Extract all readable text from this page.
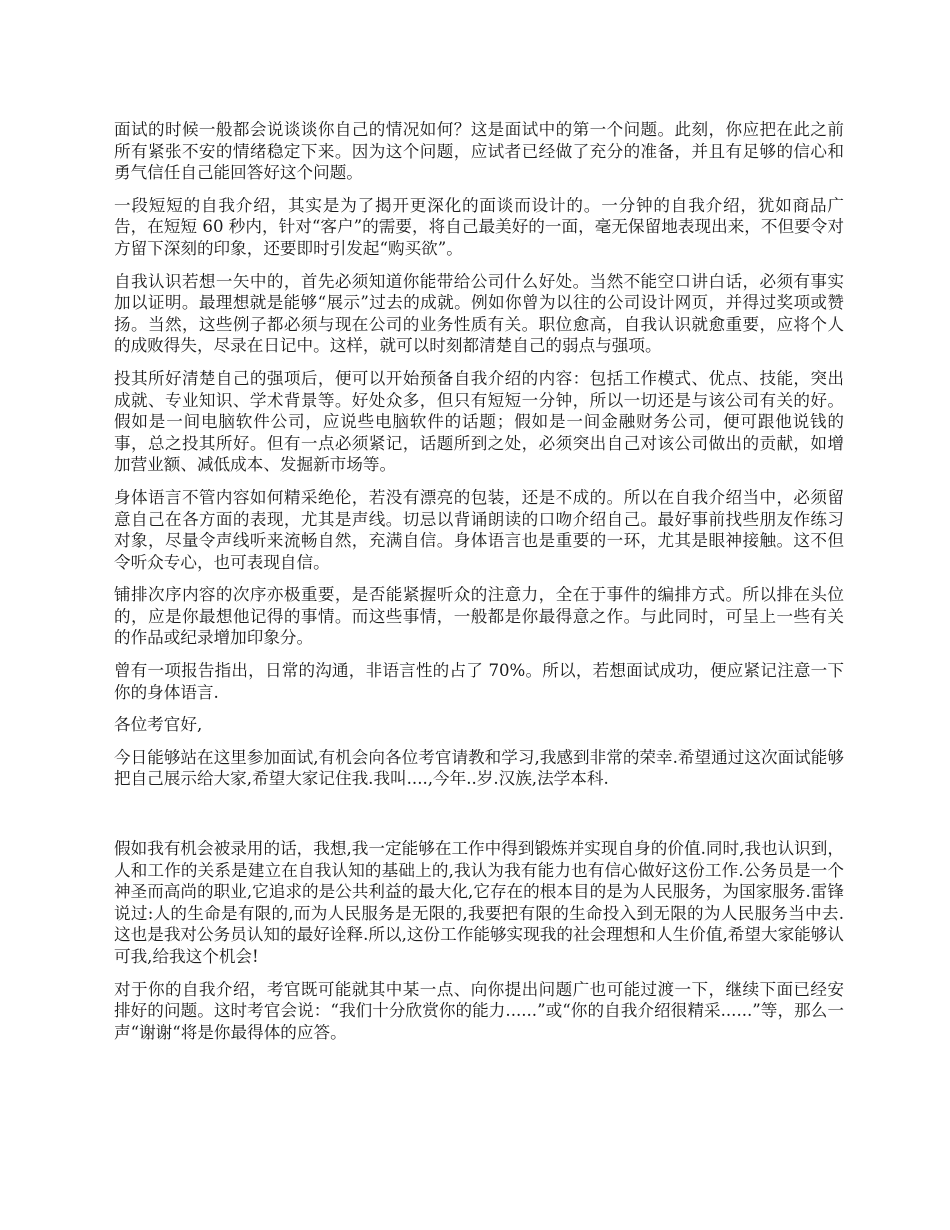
面试的时候一般都会说谈谈你自己的情况如何？这是面试中的第一个问题。此刻，你应把在此之前所有紧张不安的情绪稳定下来。因为这个问题，应试者已经做了充分的准备，并且有足够的信心和勇气信任自己能回答好这个问题。

一段短短的自我介绍，其实是为了揭开更深化的面谈而设计的。一分钟的自我介绍，犹如商品广告，在短短 60 秒内，针对“客户”的需要，将自己最美好的一面，毫无保留地表现出来，不但要令对方留下深刻的印象，还要即时引发起“购买欲”。

自我认识若想一矢中的，首先必须知道你能带给公司什么好处。当然不能空口讲白话，必须有事实加以证明。最理想就是能够“展示”过去的成就。例如你曾为以往的公司设计网页，并得过奖项或赞扬。当然，这些例子都必须与现在公司的业务性质有关。职位愈高，自我认识就愈重要，应将个人的成败得失，尽录在日记中。这样，就可以时刻都清楚自己的弱点与强项。

投其所好清楚自己的强项后，便可以开始预备自我介绍的内容：包括工作模式、优点、技能，突出成就、专业知识、学术背景等。好处众多，但只有短短一分钟，所以一切还是与该公司有关的好。假如是一间电脑软件公司，应说些电脑软件的话题；假如是一间金融财务公司，便可跟他说钱的事，总之投其所好。但有一点必须紧记，话题所到之处，必须突出自己对该公司做出的贡献，如增加营业额、减低成本、发掘新市场等。

身体语言不管内容如何精采绝伦，若没有漂亮的包装，还是不成的。所以在自我介绍当中，必须留意自己在各方面的表现，尤其是声线。切忌以背诵朗读的口吻介绍自己。最好事前找些朋友作练习对象，尽量令声线听来流畅自然，充满自信。身体语言也是重要的一环，尤其是眼神接触。这不但令听众专心，也可表现自信。

铺排次序内容的次序亦极重要，是否能紧握听众的注意力，全在于事件的编排方式。所以排在头位的，应是你最想他记得的事情。而这些事情，一般都是你最得意之作。与此同时，可呈上一些有关的作品或纪录增加印象分。

曾有一项报告指出，日常的沟通，非语言性的占了 70%。所以，若想面试成功，便应紧记注意一下你的身体语言.

各位考官好,

今日能够站在这里参加面试,有机会向各位考官请教和学习,我感到非常的荣幸.希望通过这次面试能够把自己展示给大家,希望大家记住我.我叫....,今年..岁.汉族,法学本科.

假如我有机会被录用的话，我想,我一定能够在工作中得到锻炼并实现自身的价值.同时,我也认识到，人和工作的关系是建立在自我认知的基础上的,我认为我有能力也有信心做好这份工作.公务员是一个神圣而高尚的职业,它追求的是公共利益的最大化,它存在的根本目的是为人民服务，为国家服务.雷锋说过:人的生命是有限的,而为人民服务是无限的,我要把有限的生命投入到无限的为人民服务当中去.这也是我对公务员认知的最好诠释.所以,这份工作能够实现我的社会理想和人生价值,希望大家能够认可我,给我这个机会!

对于你的自我介绍，考官既可能就其中某一点、向你提出问题广也可能过渡一下，继续下面已经安排好的问题。这时考官会说：“我们十分欣赏你的能力......”或“你的自我介绍很精采......”等，那么一声“谢谢“将是你最得体的应答。
